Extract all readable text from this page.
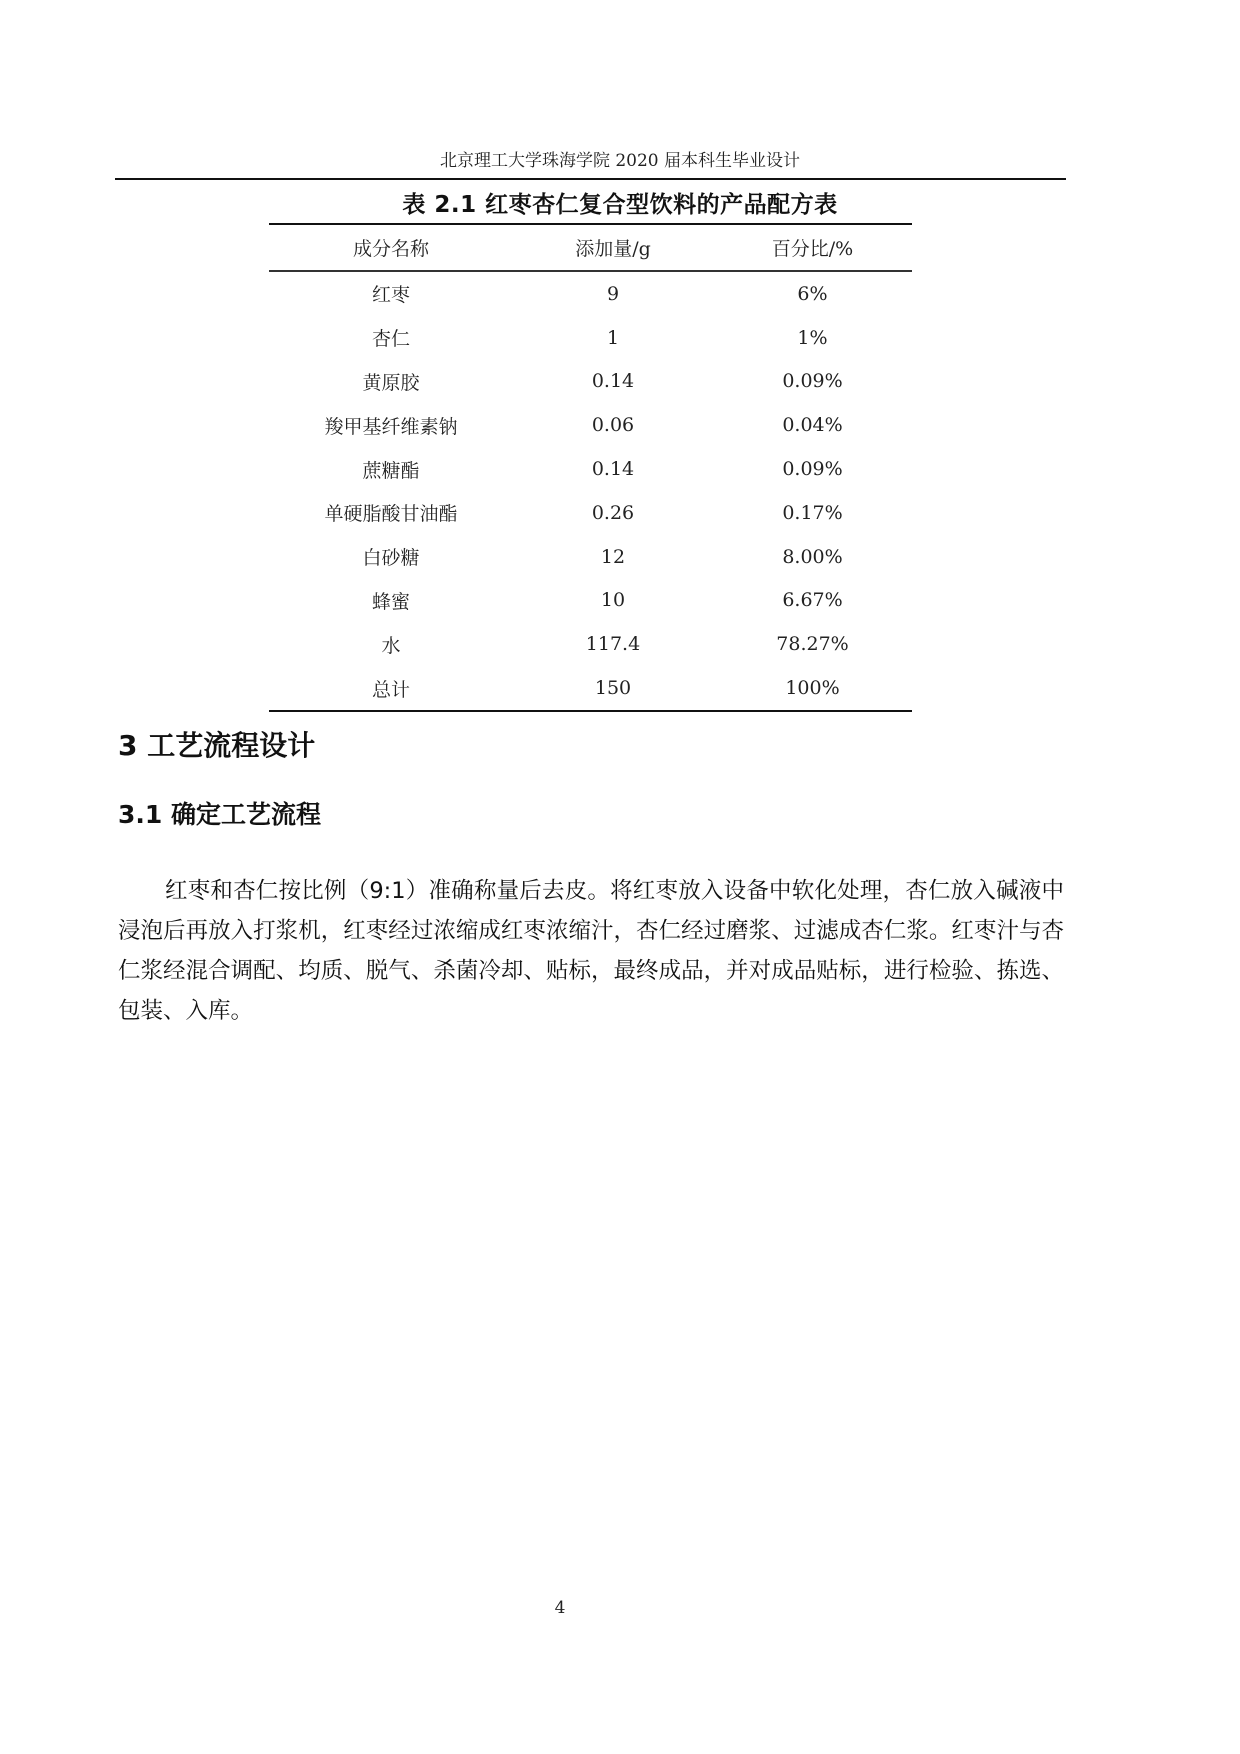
北京理工大学珠海学院 2020 届本科生毕业设计
表 2.1 红枣杏仁复合型饮料的产品配方表
成分名称	添加量/g	百分比/%
红枣	9	6%
杏仁	1	1%
黄原胶	0.14	0.09%
羧甲基纤维素钠	0.06	0.04%
蔗糖酯	0.14	0.09%
单硬脂酸甘油酯	0.26	0.17%
白砂糖	12	8.00%
蜂蜜	10	6.67%
水	117.4	78.27%
总计	150	100%
3 工艺流程设计
3.1 确定工艺流程

红枣和杏仁按比例（9:1）准确称量后去皮。将红枣放入设备中软化处理，杏仁放入碱液中浸泡后再放入打浆机，红枣经过浓缩成红枣浓缩汁，杏仁经过磨浆、过滤成杏仁浆。红枣汁与杏仁浆经混合调配、均质、脱气、杀菌冷却、贴标，最终成品，并对成品贴标，进行检验、拣选、包装、入库。

4
